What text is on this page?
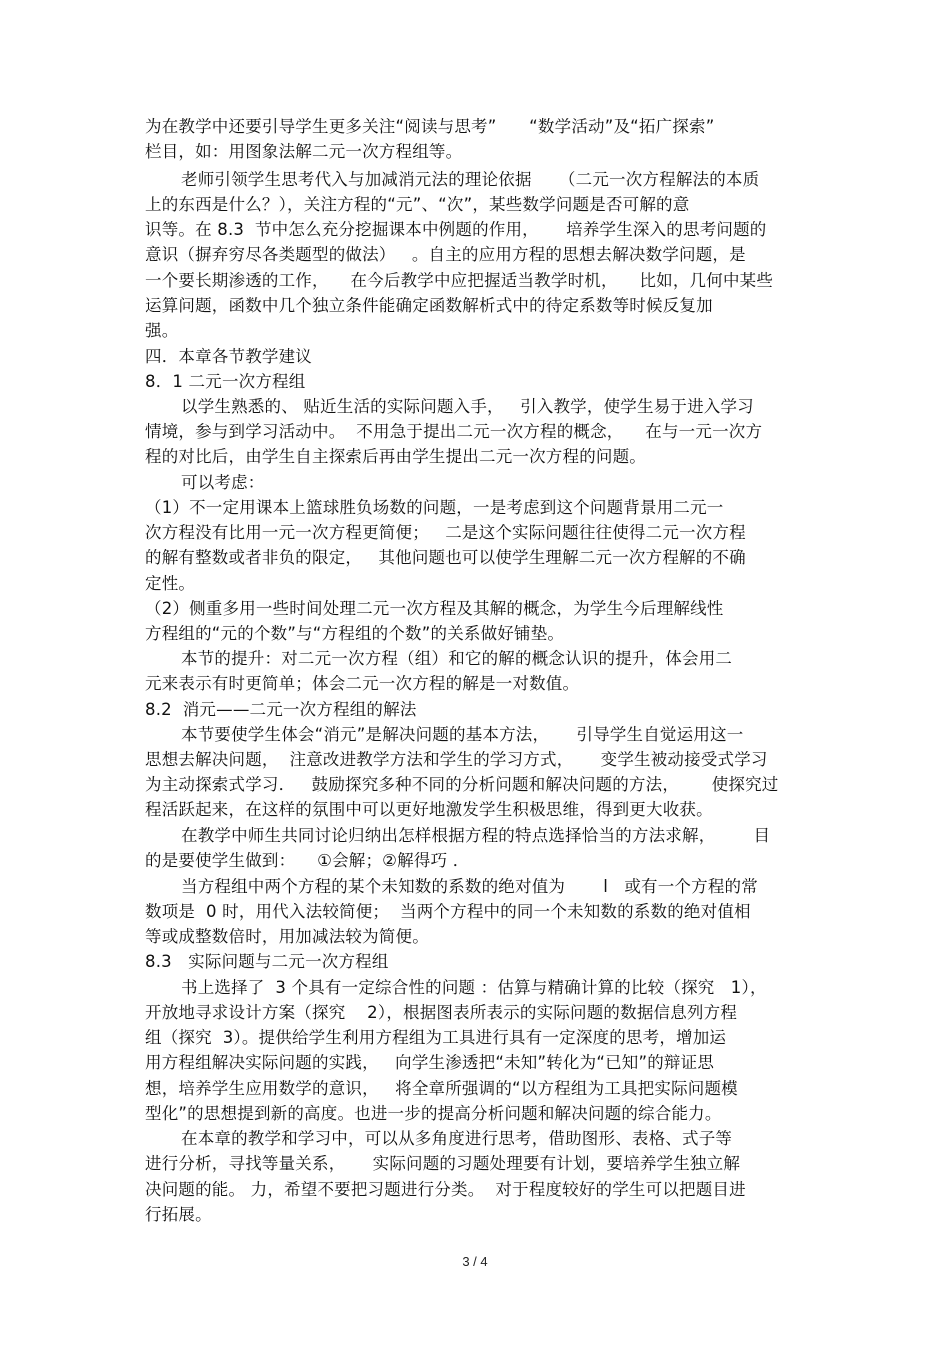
为在教学中还要引导学生更多关注“阅读与思考”      “数学活动”及“拓广探索”
栏目，如：用图象法解二元一次方程组等。
老师引领学生思考代入与加减消元法的理论依据     （二元一次方程解法的本质
上的东西是什么？），关注方程的“元”、“次”，某些数学问题是否可解的意
识等。在 8.3  节中怎么充分挖掘课本中例题的作用，     培养学生深入的思考问题的
意识（摒弃穷尽各类题型的做法）   。自主的应用方程的思想去解决数学问题，是
一个要长期渗透的工作，    在今后教学中应把握适当教学时机，    比如，几何中某些
运算问题，函数中几个独立条件能确定函数解析式中的待定系数等时候反复加
强。
四．本章各节教学建议
8．1 二元一次方程组
以学生熟悉的、 贴近生活的实际问题入手，   引入教学，使学生易于进入学习
情境，参与到学习活动中。  不用急于提出二元一次方程的概念，    在与一元一次方
程的对比后，由学生自主探索后再由学生提出二元一次方程的问题。
可以考虑：
（1）不一定用课本上篮球胜负场数的问题，一是考虑到这个问题背景用二元一
次方程没有比用一元一次方程更简便；   二是这个实际问题往往使得二元一次方程
的解有整数或者非负的限定，   其他问题也可以使学生理解二元一次方程解的不确
定性。
（2）侧重多用一些时间处理二元一次方程及其解的概念，为学生今后理解线性
方程组的“元的个数”与“方程组的个数”的关系做好铺垫。
本节的提升：对二元一次方程（组）和它的解的概念认识的提升，体会用二
元来表示有时更简单；体会二元一次方程的解是一对数值。
8.2  消元——二元一次方程组的解法
本节要使学生体会“消元”是解决问题的基本方法，     引导学生自觉运用这一
思想去解决问题，  注意改进教学方法和学生的学习方式，     变学生被动接受式学习
为主动探索式学习．   鼓励探究多种不同的分析问题和解决问题的方法，      使探究过
程活跃起来，在这样的氛围中可以更好地激发学生积极思维，得到更大收获。
在教学中师生共同讨论归纳出怎样根据方程的特点选择恰当的方法求解，       目
的是要使学生做到：    ①会解；②解得巧 ．
当方程组中两个方程的某个未知数的系数的绝对值为       l   或有一个方程的常
数项是  0 时，用代入法较简便；  当两个方程中的同一个未知数的系数的绝对值相
等或成整数倍时，用加减法较为简便。
8.3   实际问题与二元一次方程组
书上选择了  3 个具有一定综合性的问题 ：估算与精确计算的比较（探究   1），
开放地寻求设计方案（探究    2），根据图表所表示的实际问题的数据信息列方程
组（探究  3）。提供给学生利用方程组为工具进行具有一定深度的思考，增加运
用方程组解决实际问题的实践，   向学生渗透把“未知”转化为“已知”的辩证思
想，培养学生应用数学的意识，   将全章所强调的“以方程组为工具把实际问题模
型化”的思想提到新的高度。也进一步的提高分析问题和解决问题的综合能力。
在本章的教学和学习中，可以从多角度进行思考，借助图形、表格、式子等
进行分析，寻找等量关系，     实际问题的习题处理要有计划，要培养学生独立解
决问题的能。 力，希望不要把习题进行分类。  对于程度较好的学生可以把题目进
行拓展。
3 / 4
